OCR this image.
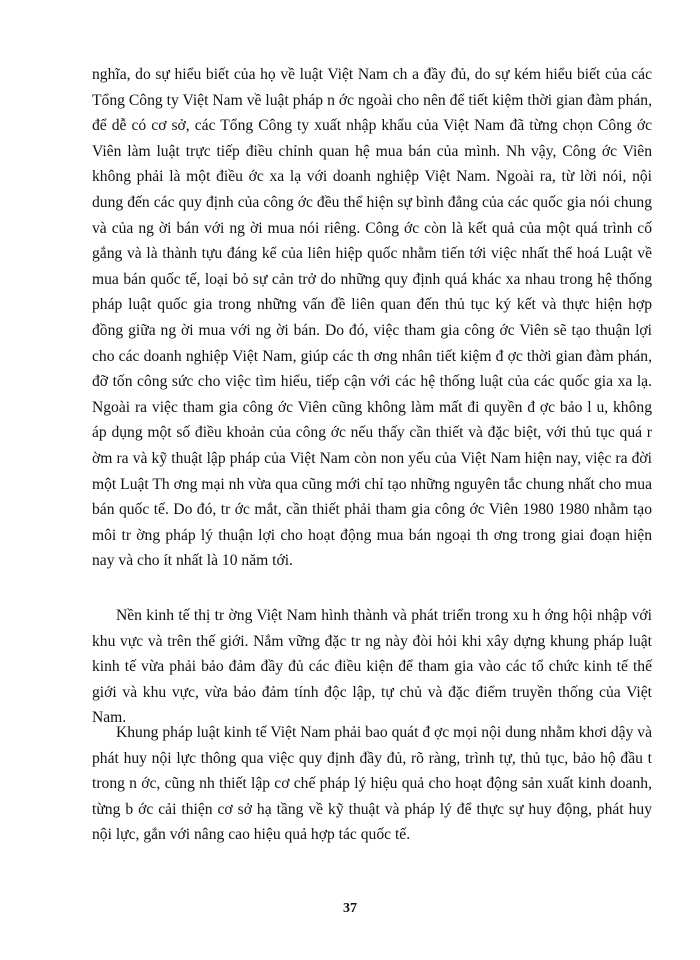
nghĩa, do sự hiểu biết của họ về luật Việt Nam ch a đầy đủ, do sự kém hiểu biết của các Tổng Công ty Việt Nam về luật pháp n ớc ngoài cho nên để tiết kiệm thời gian đàm phán, để dễ có cơ sở, các Tổng Công ty xuất nhập khẩu của Việt Nam đã từng chọn Công ớc Viên làm luật trực tiếp điều chỉnh quan hệ mua bán của mình. Nh vậy, Công ớc Viên không phải là một điều ớc xa lạ với doanh nghiệp Việt Nam. Ngoài ra, từ lời nói, nội dung đến các quy định của công ớc đều thể hiện sự bình đẳng của các quốc gia nói chung và của ng ời bán với ng ời mua nói riêng. Công ớc còn là kết quả của một quá trình cố gắng và là thành tựu đáng kể của liên hiệp quốc nhằm tiến tới việc nhất thể hoá Luật về mua bán quốc tế, loại bỏ sự cản trở do những quy định quá khác xa nhau trong hệ thống pháp luật quốc gia trong những vấn đề liên quan đến thủ tục ký kết và thực hiện hợp đồng giữa ng ời mua với ng ời bán. Do đó, việc tham gia công ớc Viên sẽ tạo thuận lợi cho các doanh nghiệp Việt Nam, giúp các th ơng nhân tiết kiệm đ ợc thời gian đàm phán, đỡ tốn công sức cho việc tìm hiểu, tiếp cận với các hệ thống luật của các quốc gia xa lạ. Ngoài ra việc tham gia công ớc Viên cũng không làm mất đi quyền đ ợc bảo l u, không áp dụng một số điều khoản của công ớc nếu thấy cần thiết và đặc biệt, với thủ tục quá r ờm ra và kỹ thuật lập pháp của Việt Nam còn non yếu của Việt Nam hiện nay, việc ra đời một Luật Th ơng mại nh vừa qua cũng mới chỉ tạo những nguyên tắc chung nhất cho mua bán quốc tế. Do đó, tr ớc mắt, cần thiết phải tham gia công ớc Viên 1980 1980 nhằm tạo môi tr ờng pháp lý thuận lợi cho hoạt động mua bán ngoại th ơng trong giai đoạn hiện nay và cho ít nhất là 10 năm tới.

Nền kinh tế thị tr ờng Việt Nam hình thành và phát triển trong xu h ớng hội nhập với khu vực và trên thế giới. Nắm vững đặc tr ng này đòi hỏi khi xây dựng khung pháp luật kinh tế vừa phải bảo đảm đầy đủ các điều kiện để tham gia vào các tổ chức kinh tế thế giới và khu vực, vừa bảo đảm tính độc lập, tự chủ và đặc điểm truyền thống của Việt Nam.

Khung pháp luật kinh tế Việt Nam phải bao quát đ ợc mọi nội dung nhằm khơi dậy và phát huy nội lực thông qua việc quy định đầy đủ, rõ ràng, trình tự, thủ tục, bảo hộ đầu t trong n ớc, cũng nh thiết lập cơ chế pháp lý hiệu quả cho hoạt động sản xuất kinh doanh, từng b ớc cải thiện cơ sở hạ tầng về kỹ thuật và pháp lý để thực sự huy động, phát huy nội lực, gắn với nâng cao hiệu quả hợp tác quốc tế.

37
